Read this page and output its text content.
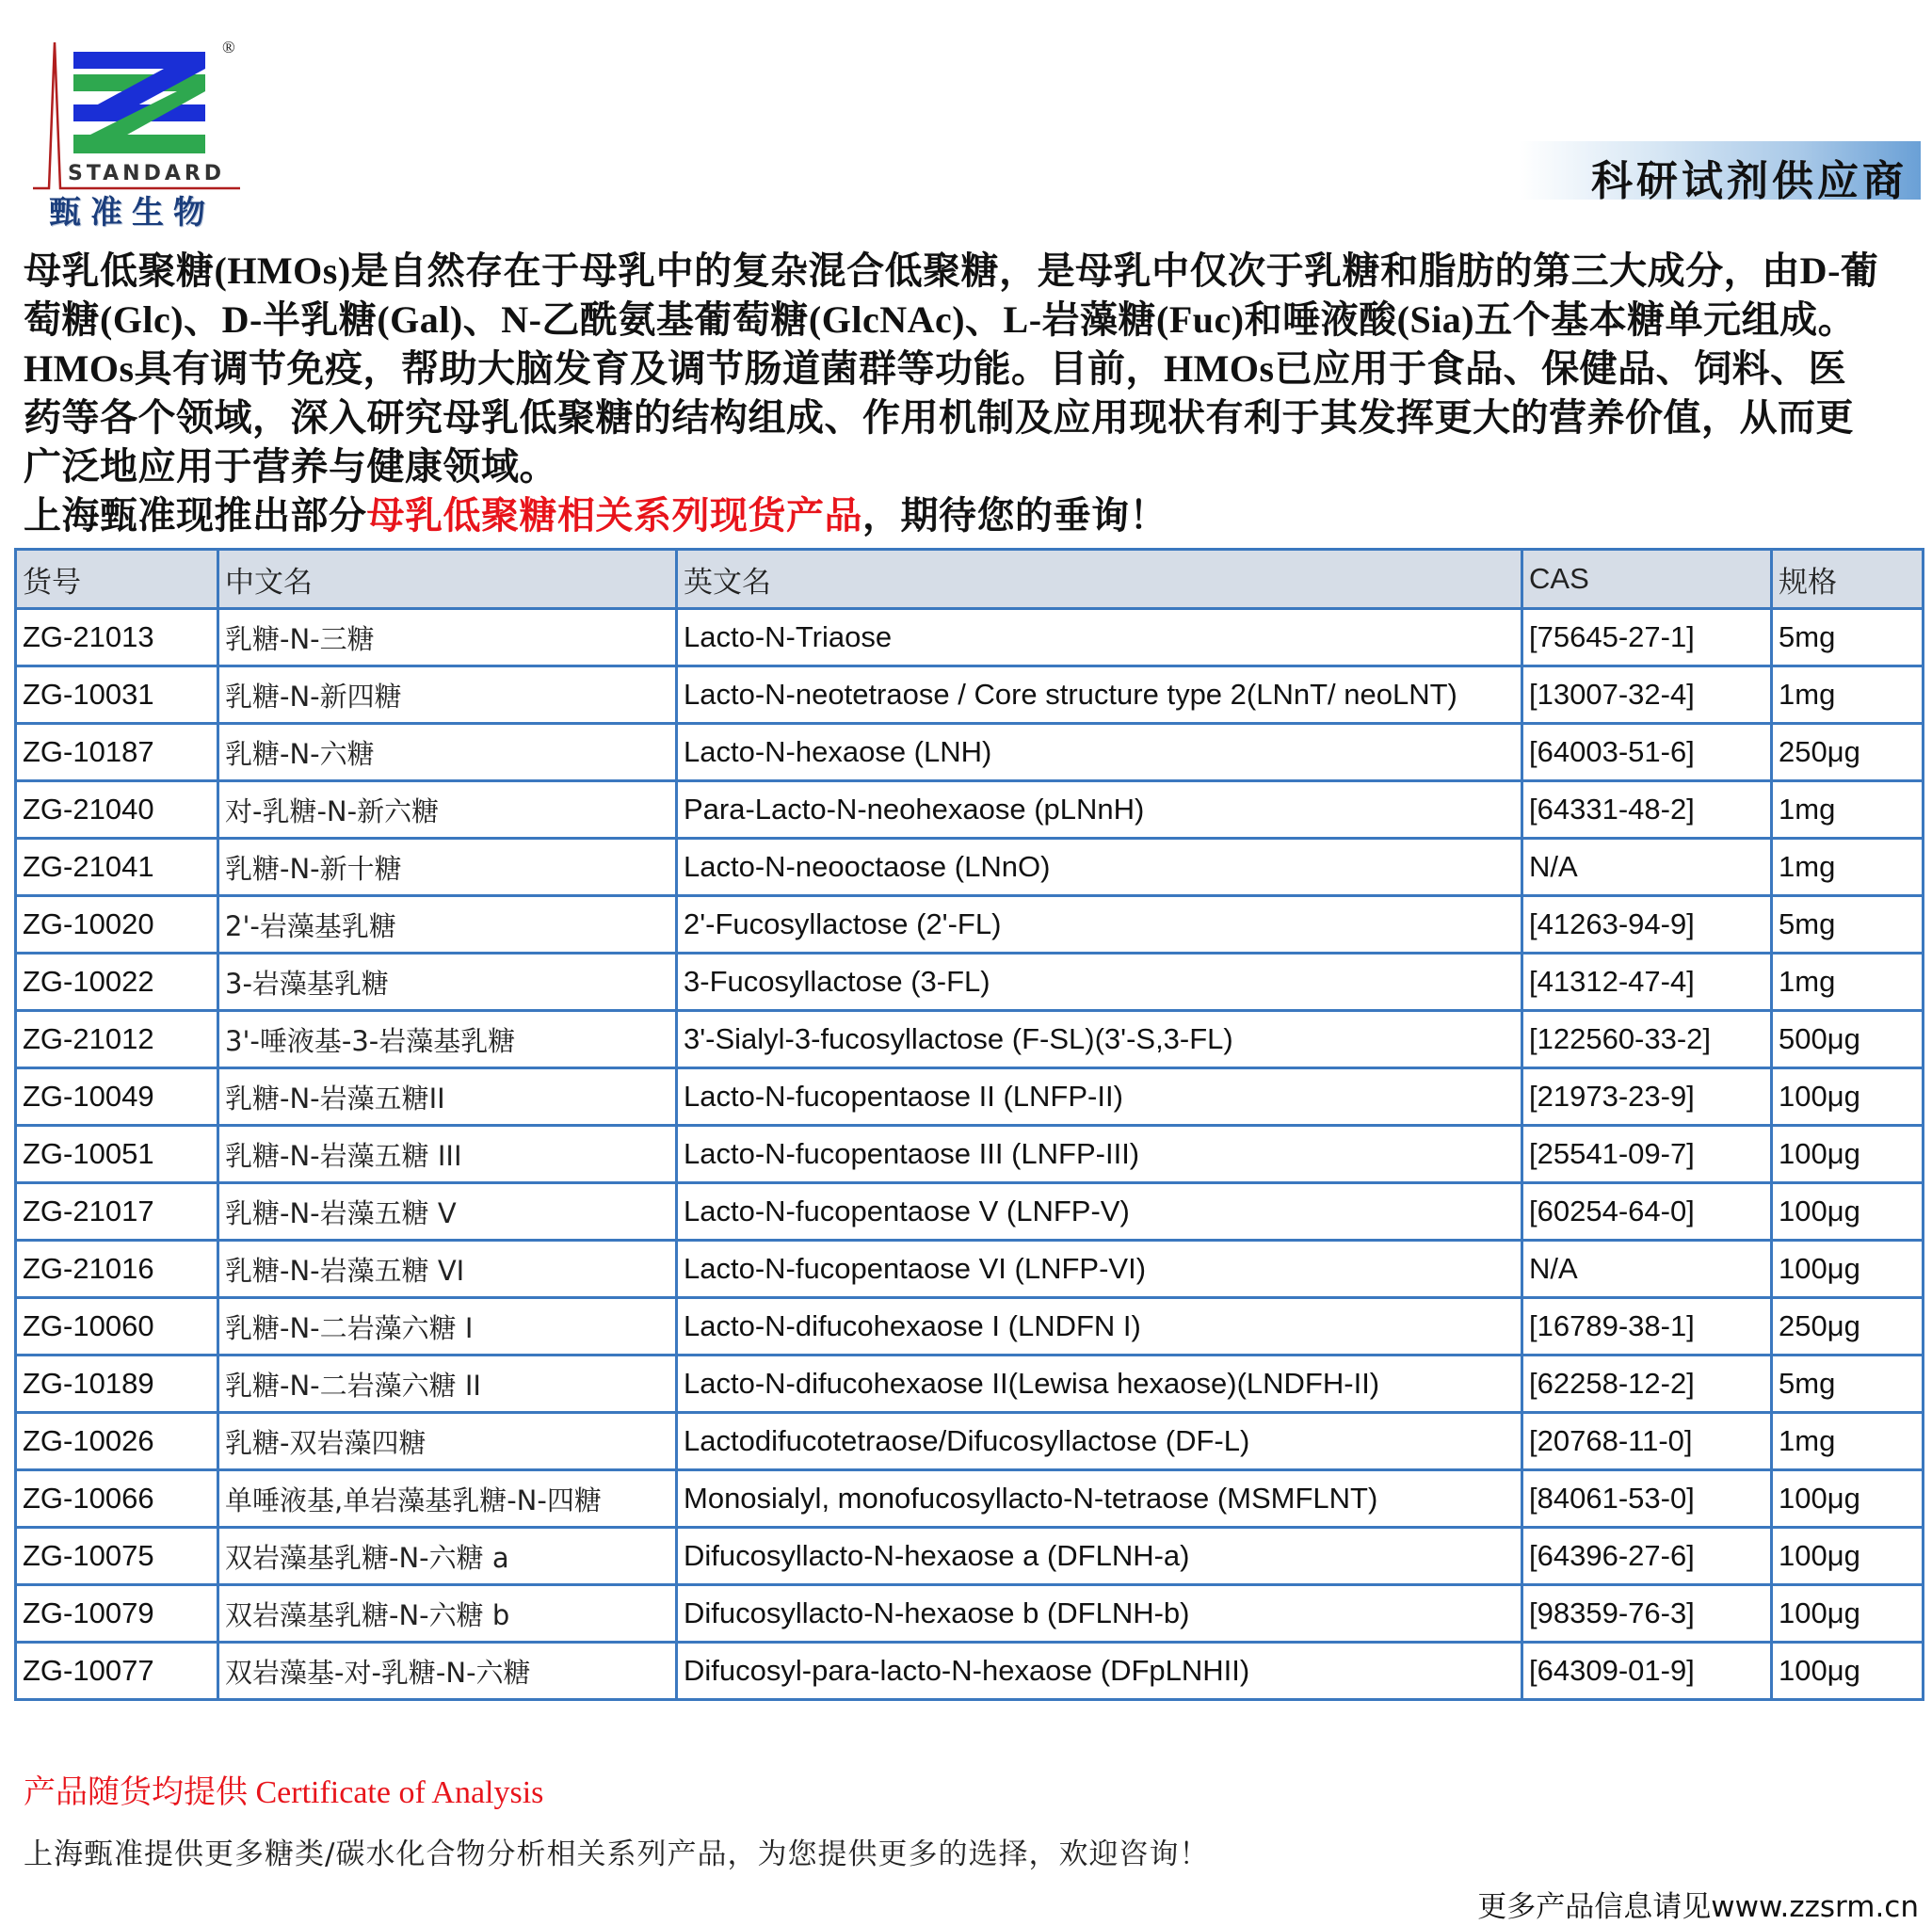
®
STANDARD
甄准生物
科研试剂供应商

母乳低聚糖(HMOs)是自然存在于母乳中的复杂混合低聚糖，是母乳中仅次于乳糖和脂肪的第三大成分，由D-葡
萄糖(Glc)、D-半乳糖(Gal)、N-乙酰氨基葡萄糖(GlcNAc)、L-岩藻糖(Fuc)和唾液酸(Sia)五个基本糖单元组成。
HMOs具有调节免疫，帮助大脑发育及调节肠道菌群等功能。目前，HMOs已应用于食品、保健品、饲料、医
药等各个领域，深入研究母乳低聚糖的结构组成、作用机制及应用现状有利于其发挥更大的营养价值，从而更
广泛地应用于营养与健康领域。
上海甄准现推出部分母乳低聚糖相关系列现货产品，期待您的垂询！

货号	中文名	英文名	CAS	规格
ZG-21013	乳糖-N-三糖	Lacto-N-Triaose	[75645-27-1]	5mg
ZG-10031	乳糖-N-新四糖	Lacto-N-neotetraose / Core structure type 2(LNnT/ neoLNT)	[13007-32-4]	1mg
ZG-10187	乳糖-N-六糖	Lacto-N-hexaose (LNH)	[64003-51-6]	250μg
ZG-21040	对-乳糖-N-新六糖	Para-Lacto-N-neohexaose (pLNnH)	[64331-48-2]	1mg
ZG-21041	乳糖-N-新十糖	Lacto-N-neooctaose (LNnO)	N/A	1mg
ZG-10020	2'-岩藻基乳糖	2'-Fucosyllactose (2'-FL)	[41263-94-9]	5mg
ZG-10022	3-岩藻基乳糖	3-Fucosyllactose (3-FL)	[41312-47-4]	1mg
ZG-21012	3'-唾液基-3-岩藻基乳糖	3'-Sialyl-3-fucosyllactose (F-SL)(3'-S,3-FL)	[122560-33-2]	500μg
ZG-10049	乳糖-N-岩藻五糖II	Lacto-N-fucopentaose II (LNFP-II)	[21973-23-9]	100μg
ZG-10051	乳糖-N-岩藻五糖 III	Lacto-N-fucopentaose III (LNFP-III)	[25541-09-7]	100μg
ZG-21017	乳糖-N-岩藻五糖 V	Lacto-N-fucopentaose V (LNFP-V)	[60254-64-0]	100μg
ZG-21016	乳糖-N-岩藻五糖 VI	Lacto-N-fucopentaose VI (LNFP-VI)	N/A	100μg
ZG-10060	乳糖-N-二岩藻六糖 I	Lacto-N-difucohexaose I (LNDFN I)	[16789-38-1]	250μg
ZG-10189	乳糖-N-二岩藻六糖 II	Lacto-N-difucohexaose II(Lewisa hexaose)(LNDFH-II)	[62258-12-2]	5mg
ZG-10026	乳糖-双岩藻四糖	Lactodifucotetraose/Difucosyllactose (DF-L)	[20768-11-0]	1mg
ZG-10066	单唾液基,单岩藻基乳糖-N-四糖	Monosialyl, monofucosyllacto-N-tetraose (MSMFLNT)	[84061-53-0]	100μg
ZG-10075	双岩藻基乳糖-N-六糖 a	Difucosyllacto-N-hexaose a (DFLNH-a)	[64396-27-6]	100μg
ZG-10079	双岩藻基乳糖-N-六糖 b	Difucosyllacto-N-hexaose b (DFLNH-b)	[98359-76-3]	100μg
ZG-10077	双岩藻基-对-乳糖-N-六糖	Difucosyl-para-lacto-N-hexaose (DFpLNHII)	[64309-01-9]	100μg
产品随货均提供 Certificate of Analysis
上海甄准提供更多糖类/碳水化合物分析相关系列产品，为您提供更多的选择，欢迎咨询！
更多产品信息请见www.zzsrm.cn
